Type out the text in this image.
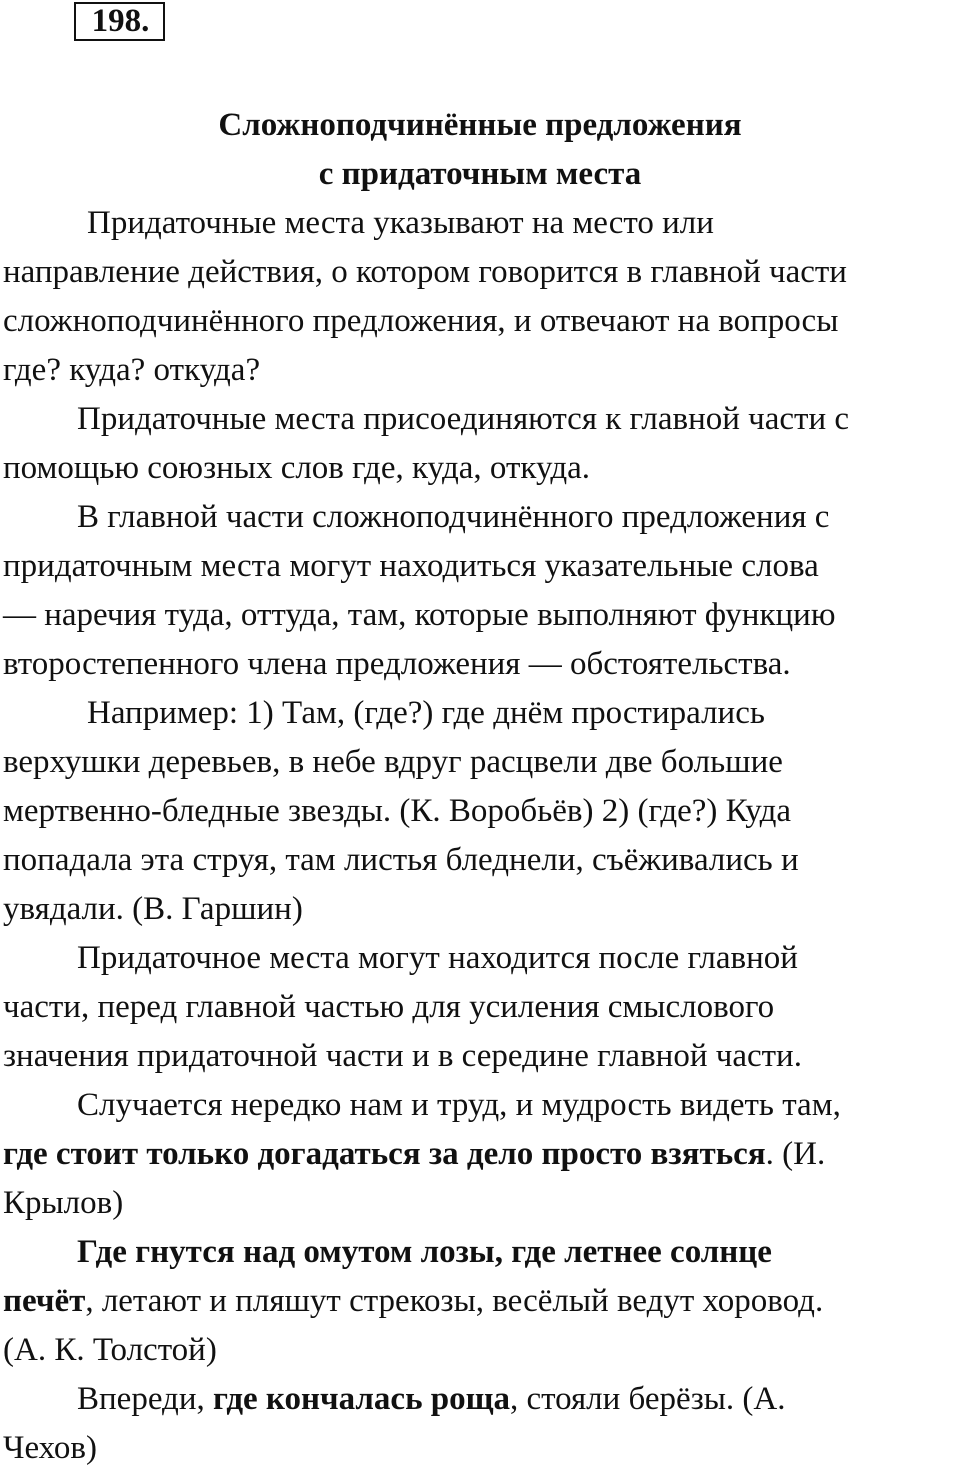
198.
Сложноподчинённые предложения
с придаточным места
Придаточные места указывают на место или
направление действия, о котором говорится в главной части
сложноподчинённого предложения, и отвечают на вопросы
где? куда? откуда?
Придаточные места присоединяются к главной части с
помощью союзных слов где, куда, откуда.
В главной части сложноподчинённого предложения с
придаточным места могут находиться указательные слова
— наречия туда, оттуда, там, которые выполняют функцию
второстепенного члена предложения — обстоятельства.
Например: 1) Там, (где?) где днём простирались
верхушки деревьев, в небе вдруг расцвели две большие
мертвенно-бледные звезды. (К. Воробьёв) 2) (где?) Куда
попадала эта струя, там листья бледнели, съёживались и
увядали. (В. Гаршин)
Придаточное места могут находится после главной
части, перед главной частью для усиления смыслового
значения придаточной части и в середине главной части.
Случается нередко нам и труд, и мудрость видеть там,
где стоит только догадаться за дело просто взяться. (И.
Крылов)
Где гнутся над омутом лозы, где летнее солнце
печёт, летают и пляшут стрекозы, весёлый ведут хоровод.
(А. К. Толстой)
Впереди, где кончалась роща, стояли берёзы. (А.
Чехов)
